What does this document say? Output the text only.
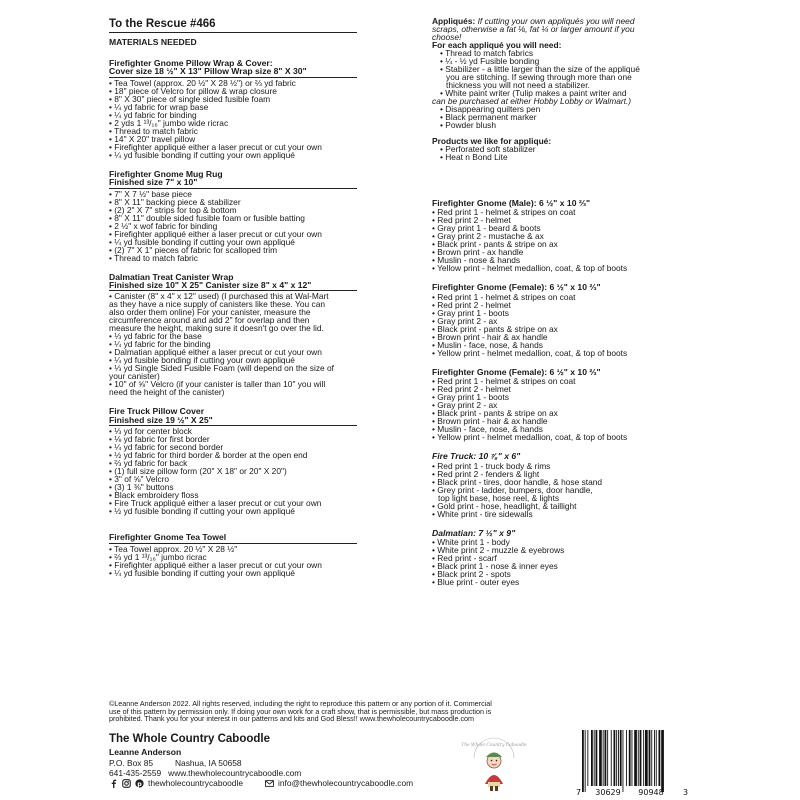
To the Rescue #466
MATERIALS NEEDED
Firefighter Gnome Pillow Wrap & Cover:
Cover size 18 ½" X 13" Pillow Wrap size 8" X 30"
• Tea Towel (approx. 20 ½" X 28 ½") or ⅔ yd fabric
• 18" piece of Velcro for pillow & wrap closure
• 8" X 30" piece of single sided fusible foam
• ¼ yd fabric for wrap base
• ¼ yd fabric for binding
• 2 yds 1 ¹³/₁₆" jumbo wide ricrac
• Thread to match fabric
• 14" X 20" travel pillow
• Firefighter appliqué either a laser precut or cut your own
• ¼ yd fusible bonding if cutting your own appliqué
Firefighter Gnome Mug Rug
Finished size 7" x 10"
• 7" X 7 ½" base piece
• 8" X 11" backing piece & stabilizer
• (2) 2" X 7" strips for top & bottom
• 8" X 11" double sided fusible foam or fusible batting
• 2 ½" x wof fabric for binding
• Firefighter appliqué either a laser precut or cut your own
• ¼ yd fusible bonding if cutting your own appliqué
• (2) 7" X 1" pieces of fabric for scalloped trim
• Thread to match fabric
Dalmatian Treat Canister Wrap
Finished size 10" X 25" Canister size 8" x 4" x 12"
• Canister (8" x 4" x 12" used) (I purchased this at Wal-Mart
as they have a nice supply of canisters like these. You can
also order them online) For your canister, measure the
circumference around and add 2" for overlap and then
measure the height, making sure it doesn't go over the lid.
• ⅓ yd fabric for the base
• ¼ yd fabric for the binding
• Dalmatian appliqué either a laser precut or cut your own
• ¼ yd fusible bonding if cutting your own appliqué
• ⅓ yd Single Sided Fusible Foam (will depend on the size of
your canister)
• 10" of ⅝" Velcro (if your canister is taller than 10" you will
need the height of the canister)
Fire Truck Pillow Cover
Finished size 19 ½" X 25"
• ⅓ yd for center block
• ⅛ yd fabric for first border
• ¼ yd fabric for second border
• ½ yd fabric for third border & border at the open end
• ⅔ yd fabric for back
• (1) full size pillow form (20" X 18" or 20" X 20")
• 3" of ⅝" Velcro
• (3) 1 ⅜" buttons
• Black embroidery floss
• Fire Truck appliqué either a laser precut or cut your own
• ½ yd fusible bonding if cutting your own appliqué
Firefighter Gnome Tea Towel
• Tea Towel approx. 20 ½" X 28 ½"
• ⅔ yd 1 ¹³/₁₆" jumbo ricrac
• Firefighter appliqué either a laser precut or cut your own
• ¼ yd fusible bonding if cutting your own appliqué
Appliqués: If cutting your own appliqués you will need
scraps, otherwise a fat ⅛, fat ¼ or larger amount if you
choose!
For each appliqué you will need:
• Thread to match fabrics
• ¼ - ½ yd Fusible bonding
• Stabilizer - a little larger than the size of the appliqué
you are stitching. If sewing through more than one
thickness you will not need a stabilizer.
• White paint writer (Tulip makes a paint writer and
can be purchased at either Hobby Lobby or Walmart.)
• Disappearing quilters pen
• Black permanent marker
• Powder blush
Products we like for appliqué:
• Perforated soft stabilizer
• Heat n Bond Lite
Firefighter Gnome (Male): 6 ½" x 10 ⅔"
• Red print 1 - helmet & stripes on coat
• Red print 2 - helmet
• Gray print 1 - beard & boots
• Gray print 2 - mustache & ax
• Black print - pants & stripe on ax
• Brown print - ax handle
• Muslin - nose & hands
• Yellow print - helmet medallion, coat, & top of boots
Firefighter Gnome (Female): 6 ½" x 10 ⅔"
• Red print 1 - helmet & stripes on coat
• Red print 2 - helmet
• Gray print 1 - boots
• Gray print 2 - ax
• Black print - pants & stripe on ax
• Brown print - hair & ax handle
• Muslin - face, nose, & hands
• Yellow print - helmet medallion, coat, & top of boots
Firefighter Gnome (Female): 6 ½" x 10 ⅔"
• Red print 1 - helmet & stripes on coat
• Red print 2 - helmet
• Gray print 1 - boots
• Gray print 2 - ax
• Black print - pants & stripe on ax
• Brown print - hair & ax handle
• Muslin - face, nose, & hands
• Yellow print - helmet medallion, coat, & top of boots
Fire Truck: 10 ⅞" x 6"
• Red print 1 - truck body & rims
• Red print 2 - fenders & light
• Black print - tires, door handle, & hose stand
• Grey print - ladder, bumpers, door handle,
top light base, hose reel, & lights
• Gold print - hose, headlight, & taillight
• White print - tire sidewalls
Dalmatian: 7 ½" x 9"
• White print 1 - body
• White print 2 - muzzle & eyebrows
• Red print - scarf
• Black print 1 - nose & inner eyes
• Black print 2 - spots
• Blue print - outer eyes
©Leanne Anderson 2022. All rights reserved, including the right to reproduce this pattern or any portion of it. Commercial
use of this pattern by permission only. If doing your own work for a craft show, that is permissible, but mass production is
prohibited. Thank you for your interest in our patterns and kits and God Bless!! www.thewholecountrycaboodle.com
The Whole Country Caboodle
Leanne Anderson
P.O. Box 85	Nashua, IA 50658
641-435-2559 www.thewholecountrycaboodle.com
p thewholecountrycaboodle	info@thewholecountrycaboodle.com
The Whole Country Caboodle
7 30629 90948 3
